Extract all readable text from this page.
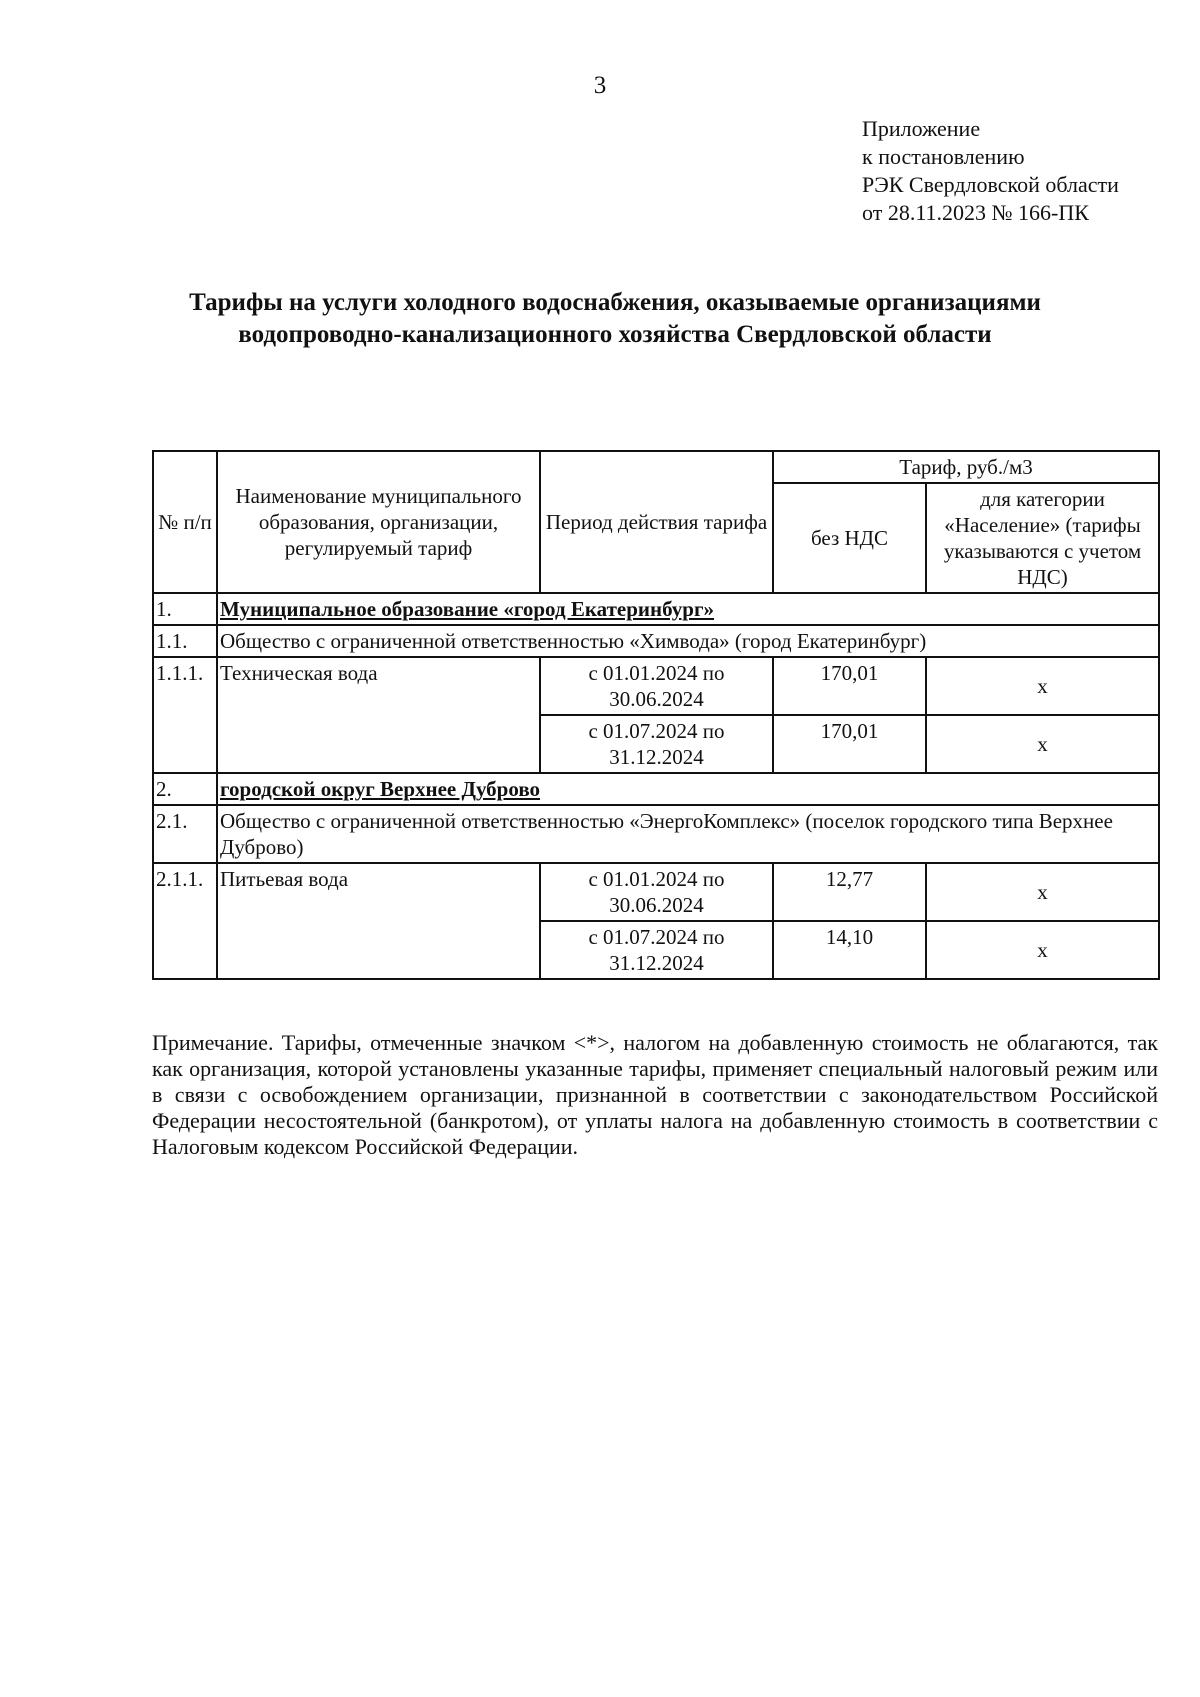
3
Приложение
к постановлению
РЭК Свердловской области
от 28.11.2023 № 166-ПК
Тарифы на услуги холодного водоснабжения, оказываемые организациями водопроводно-канализационного хозяйства Свердловской области
№ п/п	Наименование муниципального образования, организации, регулируемый тариф	Период действия тарифа	Тариф, руб./м3	
			без НДС	для категории «Население» (тарифы указываются с учетом НДС)
1.	Муниципальное образование «город Екатеринбург»			
1.1.	Общество с ограниченной ответственностью «Химвода» (город Екатеринбург)			
1.1.1.	Техническая вода	с 01.01.2024 по 30.06.2024	170,01	x
		с 01.07.2024 по 31.12.2024	170,01	x
2.	городской округ Верхнее Дуброво			
2.1.	Общество с ограниченной ответственностью «ЭнергоКомплекс» (поселок городского типа Верхнее Дуброво)			
2.1.1.	Питьевая вода	с 01.01.2024 по 30.06.2024	12,77	x
		с 01.07.2024 по 31.12.2024	14,10	x
Примечание. Тарифы, отмеченные значком <*>, налогом на добавленную стоимость не облагаются, так как организация, которой установлены указанные тарифы, применяет специальный налоговый режим или в связи с освобождением организации, признанной в соответствии с законодательством Российской Федерации несостоятельной (банкротом), от уплаты налога на добавленную стоимость в соответствии с Налоговым кодексом Российской Федерации.
